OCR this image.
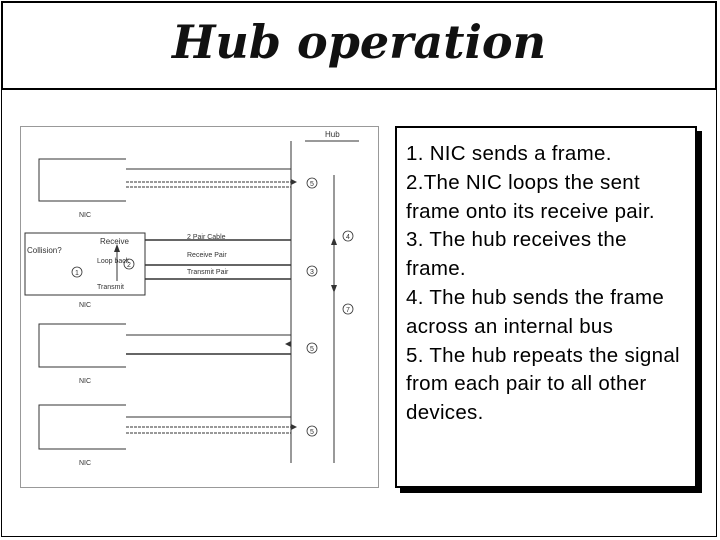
Hub operation
Hub
NIC
Collision?
Receive
Loop back
Transmit
2 Pair Cable
Receive Pair
Transmit Pair
NIC
NIC
NIC
1
2
3
4
5
7
5
5
1. NIC sends a frame.
2.The NIC loops the sent frame onto its receive pair.
3. The hub receives the frame.
4. The hub sends the frame across an internal bus
5. The hub repeats the signal from each pair to all other devices.
